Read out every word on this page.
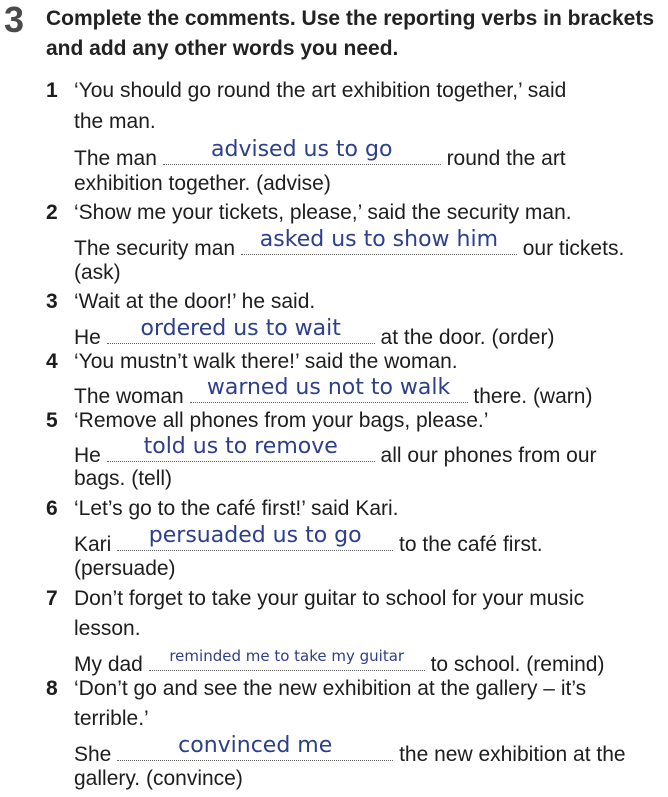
3 Complete the comments. Use the reporting verbs in brackets and add any other words you need.
1 ‘You should go round the art exhibition together,’ said
the man.
The man	advised us to go	round the art
exhibition together. (advise)
2 ‘Show me your tickets, please,’ said the security man.
The security man	asked us to show him	our tickets.
(ask)
3 ‘Wait at the door!’ he said.
He	ordered us to wait	at the door. (order)
4 ‘You mustn’t walk there!’ said the woman.
The woman	warned us not to walk	there. (warn)
5 ‘Remove all phones from your bags, please.’
He	told us to remove	all our phones from our
bags. (tell)
6 ‘Let’s go to the café first!’ said Kari.
Kari	persuaded us to go	to the café first.
(persuade)
7 Don’t forget to take your guitar to school for your music
lesson.
My dad	reminded me to take my guitar	to school. (remind)
8 ‘Don’t go and see the new exhibition at the gallery – it’s
terrible.’
She	convinced me	the new exhibition at the
gallery. (convince)
